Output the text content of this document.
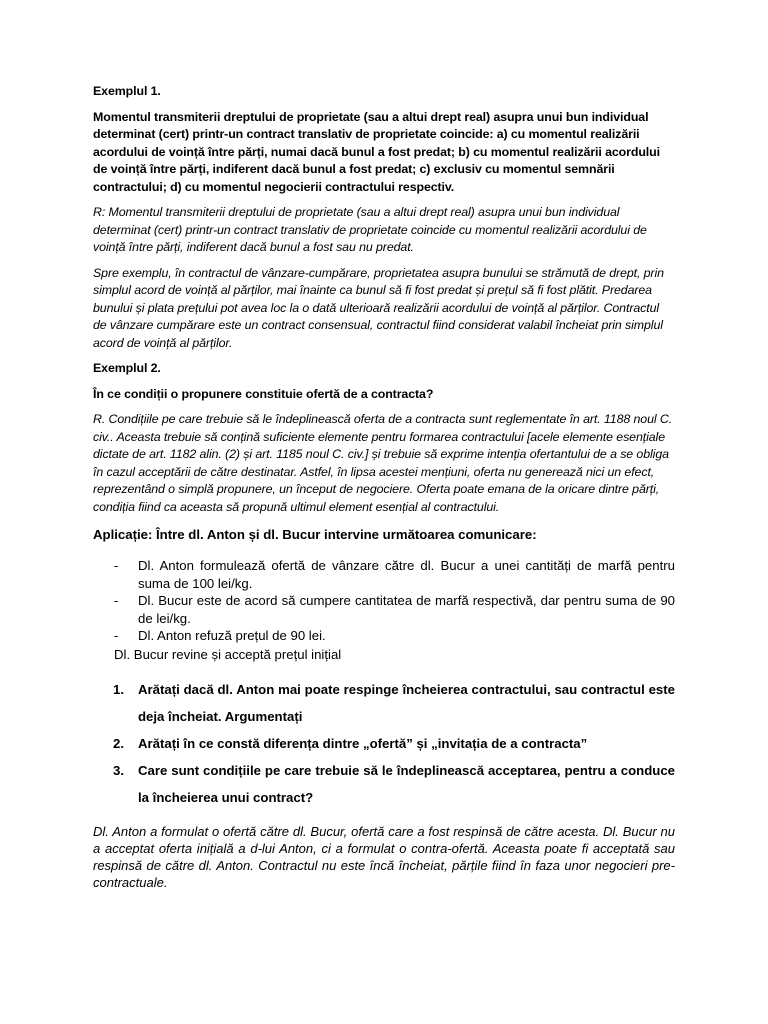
Exemplul 1.

Momentul transmiterii dreptului de proprietate (sau a altui drept real) asupra unui bun individual determinat (cert) printr-un contract translativ de proprietate coincide: a) cu momentul realizării acordului de voință între părți, numai dacă bunul a fost predat; b) cu momentul realizării acordului de voință între părți, indiferent dacă bunul a fost predat; c) exclusiv cu momentul semnării contractului; d) cu momentul negocierii contractului respectiv.

R: Momentul transmiterii dreptului de proprietate (sau a altui drept real) asupra unui bun individual determinat (cert) printr-un contract translativ de proprietate coincide cu momentul realizării acordului de voință între părți, indiferent dacă bunul a fost sau nu predat.

Spre exemplu, în contractul de vânzare-cumpărare, proprietatea asupra bunului se strămută de drept, prin simplul acord de voință al părților, mai înainte ca bunul să fi fost predat și prețul să fi fost plătit. Predarea bunului și plata prețului pot avea loc la o dată ulterioară realizării acordului de voință al părților. Contractul de vânzare cumpărare este un contract consensual, contractul fiind considerat valabil încheiat prin simplul acord de voință al părților.

Exemplul 2.

În ce condiții o propunere constituie ofertă de a contracta?

R. Condițiile pe care trebuie să le îndeplinească oferta de a contracta sunt reglementate în art. 1188 noul C. civ.. Aceasta trebuie să conțină suficiente elemente pentru formarea contractului [acele elemente esențiale dictate de art. 1182 alin. (2) și art. 1185 noul C. civ.] și trebuie să exprime intenția ofertantului de a se obliga în cazul acceptării de către destinatar. Astfel, în lipsa acestei mențiuni, oferta nu generează nici un efect, reprezentând o simplă propunere, un început de negociere. Oferta poate emana de la oricare dintre părți, condiția fiind ca aceasta să propună ultimul element esențial al contractului.

Aplicație: Între dl. Anton și dl. Bucur intervine următoarea comunicare:

- Dl. Anton formulează ofertă de vânzare către dl. Bucur a unei cantități de marfă pentru suma de 100 lei/kg.
- Dl. Bucur este de acord să cumpere cantitatea de marfă respectivă, dar pentru suma de 90 de lei/kg.
- Dl. Anton refuză prețul de 90 lei.

Dl. Bucur revine și acceptă prețul inițial

1. Arătați dacă dl. Anton mai poate respinge încheierea contractului, sau contractul este deja încheiat. Argumentați
2. Arătați în ce constă diferența dintre „ofertă” și „invitația de a contracta”
3. Care sunt condițiile pe care trebuie să le îndeplinească acceptarea, pentru a conduce la încheierea unui contract?

Dl. Anton a formulat o ofertă către dl. Bucur, ofertă care a fost respinsă de către acesta. Dl. Bucur nu a acceptat oferta inițială a d-lui Anton, ci a formulat o contra-ofertă. Aceasta poate fi acceptată sau respinsă de către dl. Anton. Contractul nu este încă încheiat, părțile fiind în faza unor negocieri pre-contractuale.
